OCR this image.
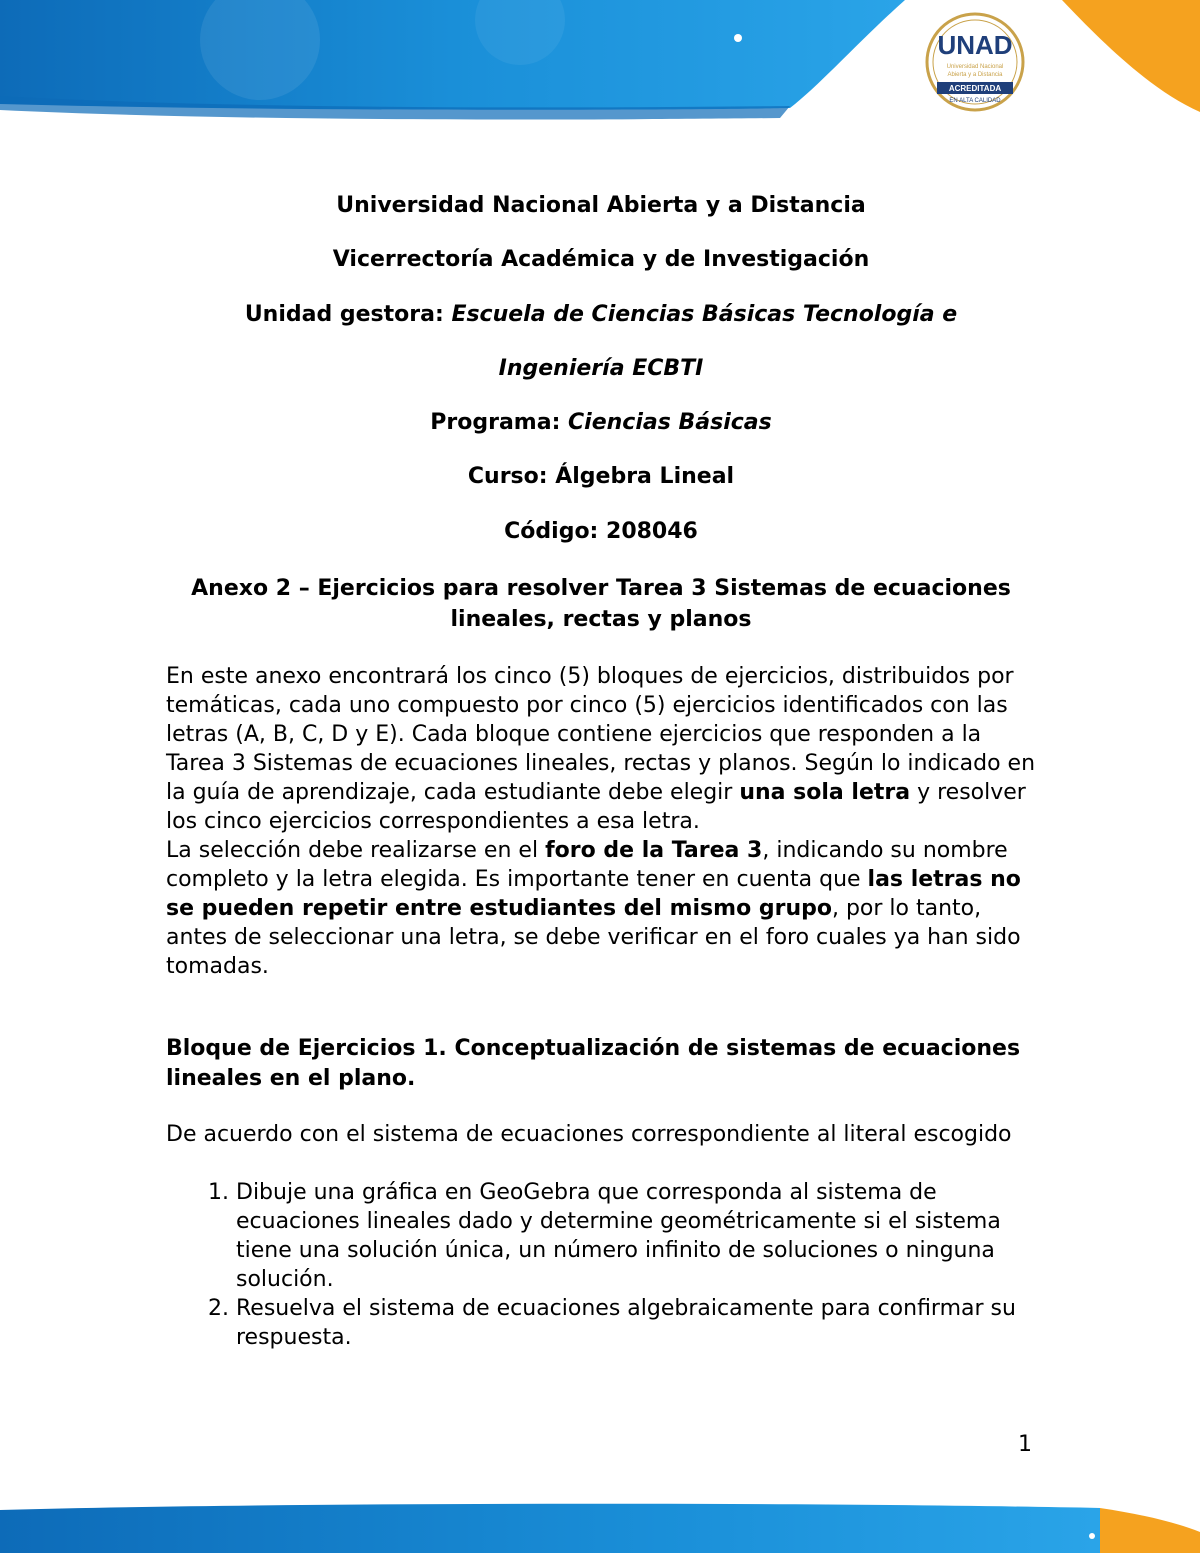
UNAD
Universidad Nacional
Abierta y a Distancia
ACREDITADA
EN ALTA CALIDAD

Universidad Nacional Abierta y a Distancia

Vicerrectoría Académica y de Investigación

Unidad gestora: Escuela de Ciencias Básicas Tecnología e

Ingeniería ECBTI

Programa: Ciencias Básicas

Curso: Álgebra Lineal

Código: 208046

Anexo 2 – Ejercicios para resolver Tarea 3 Sistemas de ecuaciones lineales, rectas y planos

En este anexo encontrará los cinco (5) bloques de ejercicios, distribuidos por temáticas, cada uno compuesto por cinco (5) ejercicios identificados con las letras (A, B, C, D y E). Cada bloque contiene ejercicios que responden a la Tarea 3 Sistemas de ecuaciones lineales, rectas y planos. Según lo indicado en la guía de aprendizaje, cada estudiante debe elegir una sola letra y resolver los cinco ejercicios correspondientes a esa letra.

La selección debe realizarse en el foro de la Tarea 3, indicando su nombre completo y la letra elegida. Es importante tener en cuenta que las letras no se pueden repetir entre estudiantes del mismo grupo, por lo tanto, antes de seleccionar una letra, se debe verificar en el foro cuales ya han sido tomadas.

Bloque de Ejercicios 1. Conceptualización de sistemas de ecuaciones lineales en el plano.

De acuerdo con el sistema de ecuaciones correspondiente al literal escogido

1. Dibuje una gráfica en GeoGebra que corresponda al sistema de ecuaciones lineales dado y determine geométricamente si el sistema tiene una solución única, un número infinito de soluciones o ninguna solución.
2. Resuelva el sistema de ecuaciones algebraicamente para confirmar su respuesta.
1
